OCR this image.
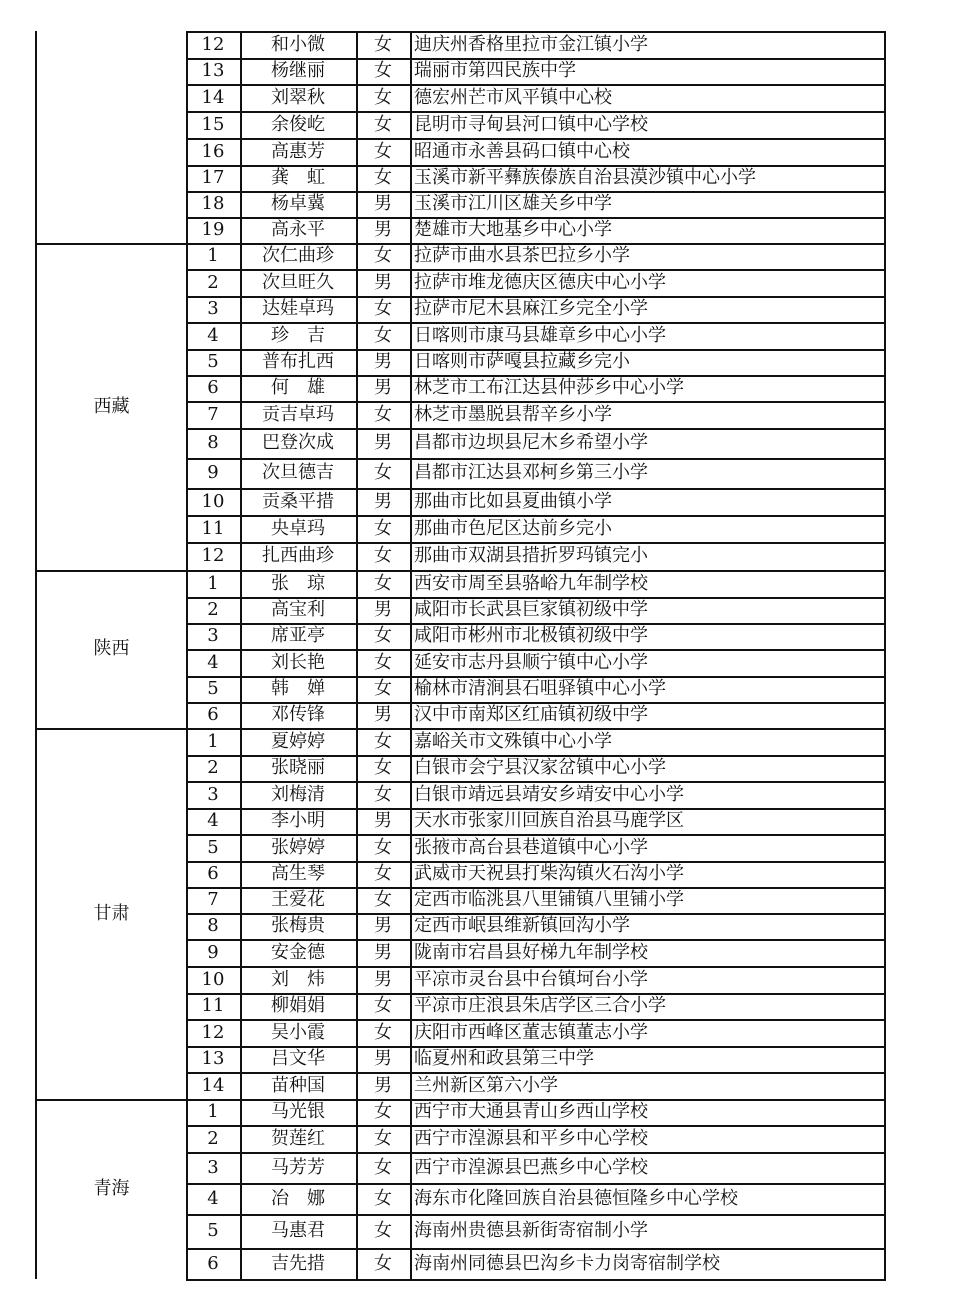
12	和小微	女	迪庆州香格里拉市金江镇小学
13	杨继丽	女	瑞丽市第四民族中学
14	刘翠秋	女	德宏州芒市风平镇中心校
15	余俊屹	女	昆明市寻甸县河口镇中心学校
16	高惠芳	女	昭通市永善县码口镇中心校
17	龚　虹	女	玉溪市新平彝族傣族自治县漠沙镇中心小学
18	杨卓冀	男	玉溪市江川区雄关乡中学
19	高永平	男	楚雄市大地基乡中心小学
1	次仁曲珍	女	拉萨市曲水县茶巴拉乡小学
2	次旦旺久	男	拉萨市堆龙德庆区德庆中心小学
3	达娃卓玛	女	拉萨市尼木县麻江乡完全小学
4	珍　吉	女	日喀则市康马县雄章乡中心小学
5	普布扎西	男	日喀则市萨嘎县拉藏乡完小
6	何　雄	男	林芝市工布江达县仲莎乡中心小学
7	贡吉卓玛	女	林芝市墨脱县帮辛乡小学
8	巴登次成	男	昌都市边坝县尼木乡希望小学
9	次旦德吉	女	昌都市江达县邓柯乡第三小学
10	贡桑平措	男	那曲市比如县夏曲镇小学
11	央卓玛	女	那曲市色尼区达前乡完小
12	扎西曲珍	女	那曲市双湖县措折罗玛镇完小
西藏
1	张　琼	女	西安市周至县骆峪九年制学校
2	高宝利	男	咸阳市长武县巨家镇初级中学
3	席亚亭	女	咸阳市彬州市北极镇初级中学
4	刘长艳	女	延安市志丹县顺宁镇中心小学
5	韩　婵	女	榆林市清涧县石咀驿镇中心小学
6	邓传锋	男	汉中市南郑区红庙镇初级中学
陕西
1	夏婷婷	女	嘉峪关市文殊镇中心小学
2	张晓丽	女	白银市会宁县汉家岔镇中心小学
3	刘梅清	女	白银市靖远县靖安乡靖安中心小学
4	李小明	男	天水市张家川回族自治县马鹿学区
5	张婷婷	女	张掖市高台县巷道镇中心小学
6	高生琴	女	武威市天祝县打柴沟镇火石沟小学
7	王爱花	女	定西市临洮县八里铺镇八里铺小学
8	张梅贵	男	定西市岷县维新镇回沟小学
9	安金德	男	陇南市宕昌县好梯九年制学校
10	刘　炜	男	平凉市灵台县中台镇坷台小学
11	柳娟娟	女	平凉市庄浪县朱店学区三合小学
12	吴小霞	女	庆阳市西峰区董志镇董志小学
13	吕文华	男	临夏州和政县第三中学
14	苗种国	男	兰州新区第六小学
甘肃
1	马光银	女	西宁市大通县青山乡西山学校
2	贺莲红	女	西宁市湟源县和平乡中心学校
3	马芳芳	女	西宁市湟源县巴燕乡中心学校
4	冶　娜	女	海东市化隆回族自治县德恒隆乡中心学校
5	马惠君	女	海南州贵德县新街寄宿制小学
6	吉先措	女	海南州同德县巴沟乡卡力岗寄宿制学校
青海
